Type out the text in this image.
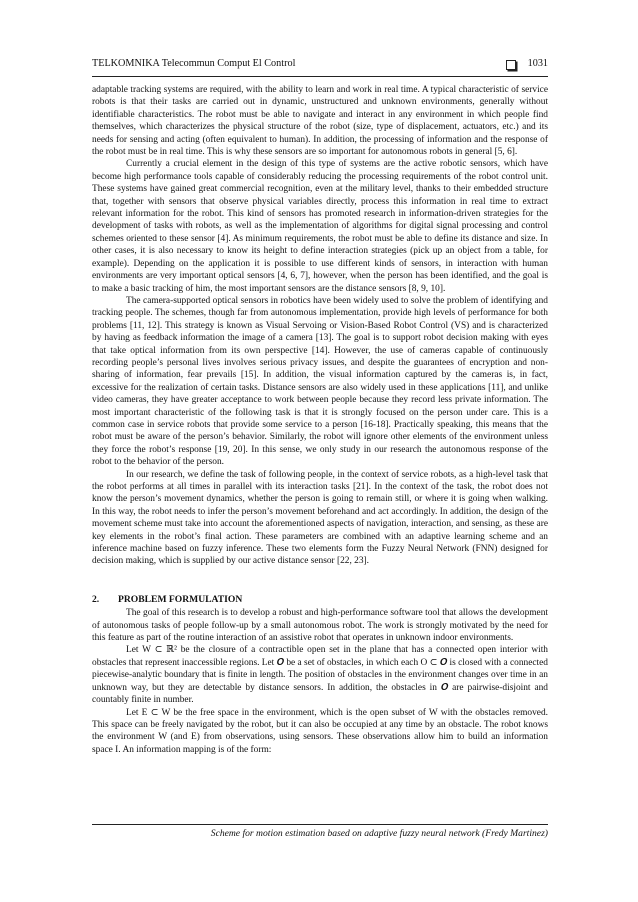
TELKOMNIKA Telecommun Comput El Control	1031

adaptable tracking systems are required, with the ability to learn and work in real time. A typical characteristic of service robots is that their tasks are carried out in dynamic, unstructured and unknown environments, generally without identifiable characteristics. The robot must be able to navigate and interact in any environment in which people find themselves, which characterizes the physical structure of the robot (size, type of displacement, actuators, etc.) and its needs for sensing and acting (often equivalent to human). In addition, the processing of information and the response of the robot must be in real time. This is why these sensors are so important for autonomous robots in general [5, 6].

Currently a crucial element in the design of this type of systems are the active robotic sensors, which have become high performance tools capable of considerably reducing the processing requirements of the robot control unit. These systems have gained great commercial recognition, even at the military level, thanks to their embedded structure that, together with sensors that observe physical variables directly, process this information in real time to extract relevant information for the robot. This kind of sensors has promoted research in information-driven strategies for the development of tasks with robots, as well as the implementation of algorithms for digital signal processing and control schemes oriented to these sensor [4]. As minimum requirements, the robot must be able to define its distance and size. In other cases, it is also necessary to know its height to define interaction strategies (pick up an object from a table, for example). Depending on the application it is possible to use different kinds of sensors, in interaction with human environments are very important optical sensors [4, 6, 7], however, when the person has been identified, and the goal is to make a basic tracking of him, the most important sensors are the distance sensors [8, 9, 10].

The camera-supported optical sensors in robotics have been widely used to solve the problem of identifying and tracking people. The schemes, though far from autonomous implementation, provide high levels of performance for both problems [11, 12]. This strategy is known as Visual Servoing or Vision-Based Robot Control (VS) and is characterized by having as feedback information the image of a camera [13]. The goal is to support robot decision making with eyes that take optical information from its own perspective [14]. However, the use of cameras capable of continuously recording people’s personal lives involves serious privacy issues, and despite the guarantees of encryption and non-sharing of information, fear prevails [15]. In addition, the visual information captured by the cameras is, in fact, excessive for the realization of certain tasks. Distance sensors are also widely used in these applications [11], and unlike video cameras, they have greater acceptance to work between people because they record less private information. The most important characteristic of the following task is that it is strongly focused on the person under care. This is a common case in service robots that provide some service to a person [16-18]. Practically speaking, this means that the robot must be aware of the person’s behavior. Similarly, the robot will ignore other elements of the environment unless they force the robot’s response [19, 20]. In this sense, we only study in our research the autonomous response of the robot to the behavior of the person.

In our research, we define the task of following people, in the context of service robots, as a high-level task that the robot performs at all times in parallel with its interaction tasks [21]. In the context of the task, the robot does not know the person’s movement dynamics, whether the person is going to remain still, or where it is going when walking. In this way, the robot needs to infer the person’s movement beforehand and act accordingly. In addition, the design of the movement scheme must take into account the aforementioned aspects of navigation, interaction, and sensing, as these are key elements in the robot’s final action. These parameters are combined with an adaptive learning scheme and an inference machine based on fuzzy inference. These two elements form the Fuzzy Neural Network (FNN) designed for decision making, which is supplied by our active distance sensor [22, 23].

2. PROBLEM FORMULATION

The goal of this research is to develop a robust and high-performance software tool that allows the development of autonomous tasks of people follow-up by a small autonomous robot. The work is strongly motivated by the need for this feature as part of the routine interaction of an assistive robot that operates in unknown indoor environments.

Let W ⊂ ℝ² be the closure of a contractible open set in the plane that has a connected open interior with obstacles that represent inaccessible regions. Let 𝑶 be a set of obstacles, in which each O ⊂ 𝑶 is closed with a connected piecewise-analytic boundary that is finite in length. The position of obstacles in the environment changes over time in an unknown way, but they are detectable by distance sensors. In addition, the obstacles in 𝑶 are pairwise-disjoint and countably finite in number.

Let E ⊂ W be the free space in the environment, which is the open subset of W with the obstacles removed. This space can be freely navigated by the robot, but it can also be occupied at any time by an obstacle. The robot knows the environment W (and E) from observations, using sensors. These observations allow him to build an information space I. An information mapping is of the form:

Scheme for motion estimation based on adaptive fuzzy neural network (Fredy Martinez)
